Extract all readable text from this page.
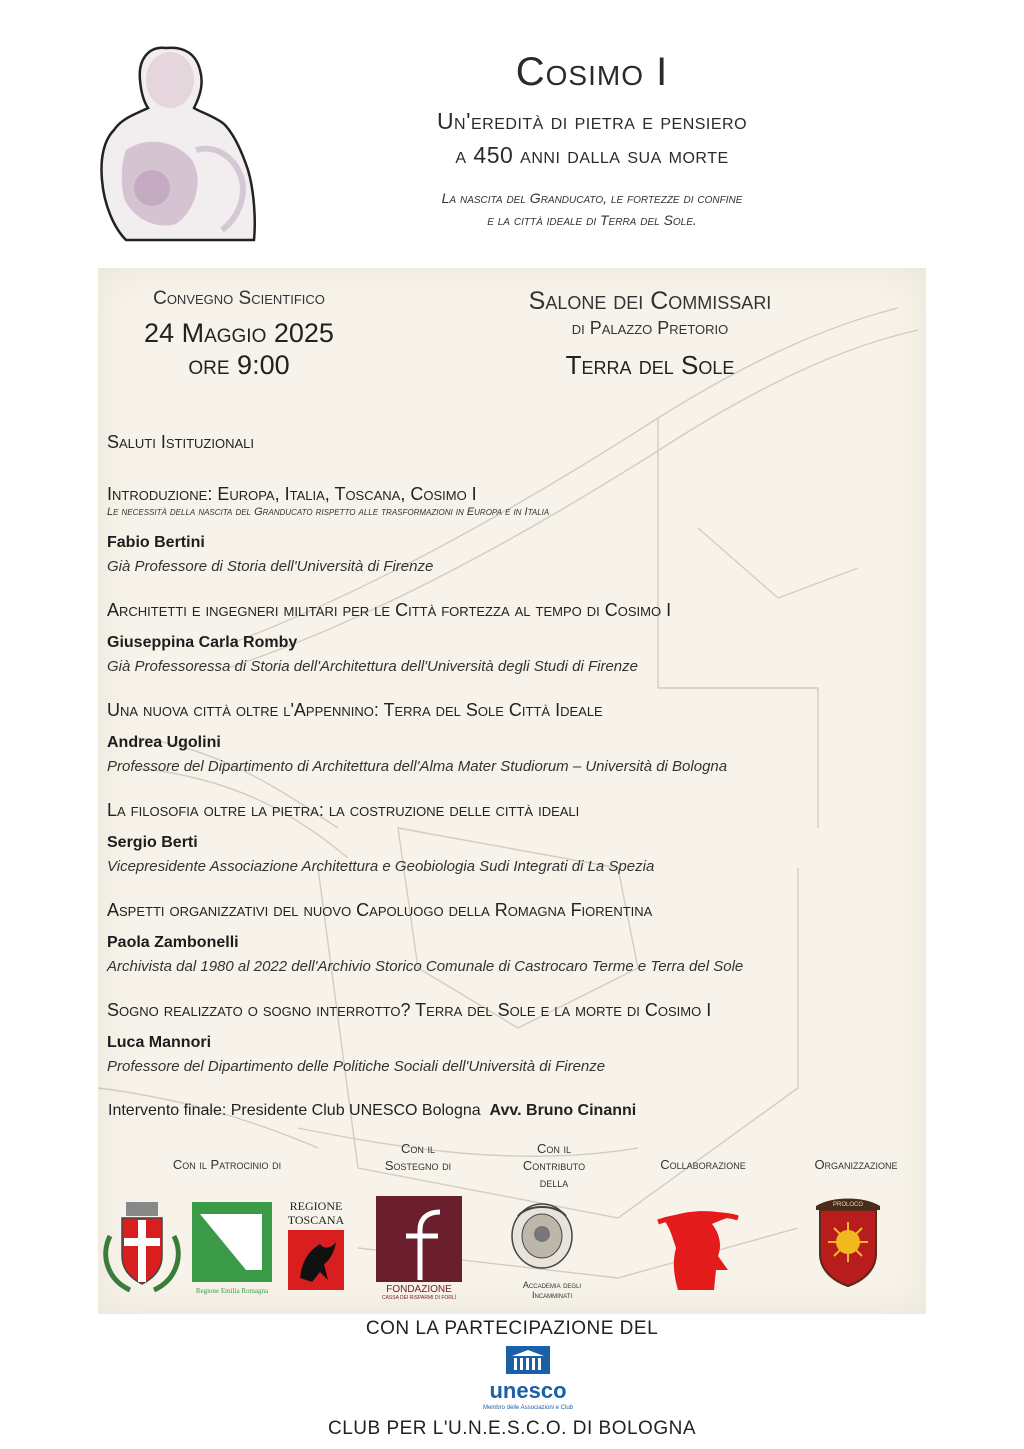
Cosimo I
Un'eredità di pietra e pensiero
a 450 anni dalla sua morte
La nascita del Granducato, le fortezze di confine
e la città ideale di Terra del Sole.
Convegno Scientifico
24 Maggio 2025
ore 9:00
Salone dei Commissari
di Palazzo Pretorio
Terra del Sole
Saluti Istituzionali
Introduzione: Europa, Italia, Toscana, Cosimo I
Le necessità della nascita del Granducato rispetto alle trasformazioni in Europa e in Italia
Fabio Bertini
Già Professore di Storia dell'Università di Firenze
Architetti e ingegneri militari per le Città fortezza al tempo di Cosimo I
Giuseppina Carla Romby
Già Professoressa di Storia dell'Architettura dell'Università degli Studi di Firenze
Una nuova città oltre l'Appennino: Terra del Sole Città Ideale
Andrea Ugolini
Professore del Dipartimento di Architettura dell'Alma Mater Studiorum – Università di Bologna
La filosofia oltre la pietra: la costruzione delle città ideali
Sergio Berti
Vicepresidente Associazione Architettura e Geobiologia Sudi Integrati di La Spezia
Aspetti organizzativi del nuovo Capoluogo della Romagna Fiorentina
Paola Zambonelli
Archivista dal 1980 al 2022 dell'Archivio Storico Comunale di Castrocaro Terme e Terra del Sole
Sogno realizzato o sogno interrotto? Terra del Sole e la morte di Cosimo I
Luca Mannori
Professore del Dipartimento delle Politiche Sociali dell'Università di Firenze
Intervento finale: Presidente Club UNESCO Bologna Avv. Bruno Cinanni
Con il Patrocinio di
Con il
Sostegno di
Con il
Contributo
della
Collaborazione	Organizzazione
Regione Emilia Romagna
REGIONE
TOSCANA
FONDAZIONE
CASSA DEI RISPARMI DI FORLÌ
Accademia degli
Incamminati
PROLOCO
CON LA PARTECIPAZIONE DEL
unesco
Membro delle Associazioni e Club
CLUB PER L'U.N.E.S.C.O. DI BOLOGNA
